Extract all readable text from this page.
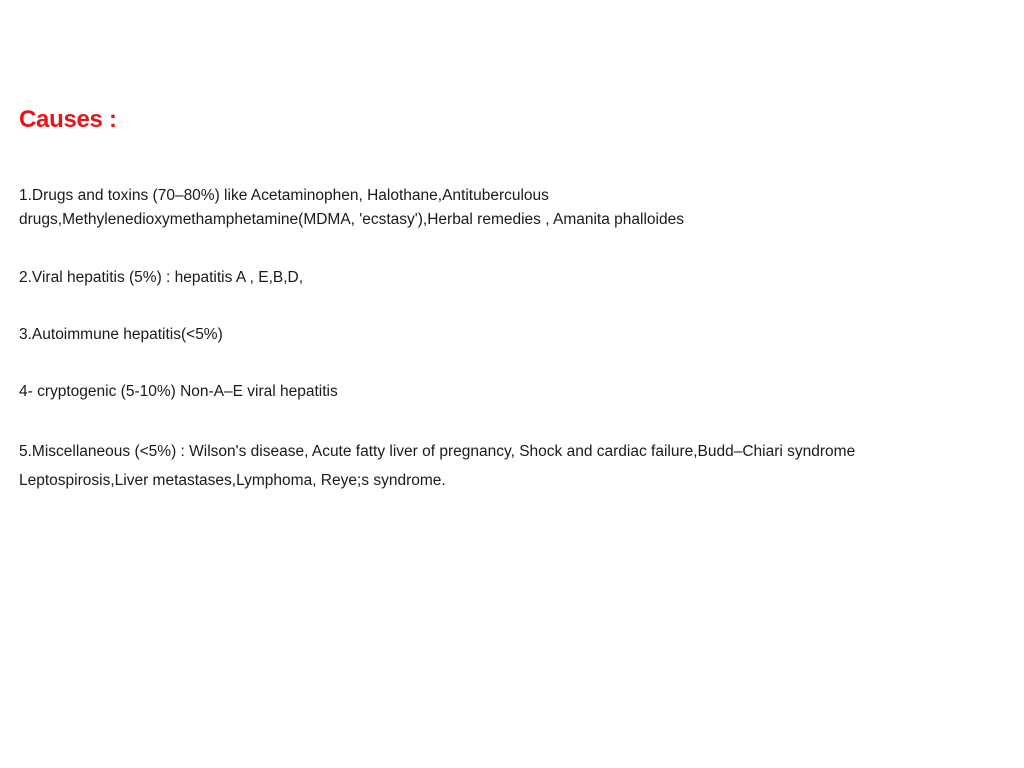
Causes :
1.Drugs and toxins (70–80%) like Acetaminophen, Halothane,Antituberculous
drugs,Methylenedioxymethamphetamine(MDMA, 'ecstasy'),Herbal remedies , Amanita phalloides
2.Viral hepatitis (5%) : hepatitis A , E,B,D,
3.Autoimmune hepatitis(<5%)
4- cryptogenic (5-10%) Non-A–E viral hepatitis
5.Miscellaneous (<5%) : Wilson's disease, Acute fatty liver of pregnancy, Shock and cardiac failure,Budd–Chiari syndrome
Leptospirosis,Liver metastases,Lymphoma, Reye;s syndrome.
